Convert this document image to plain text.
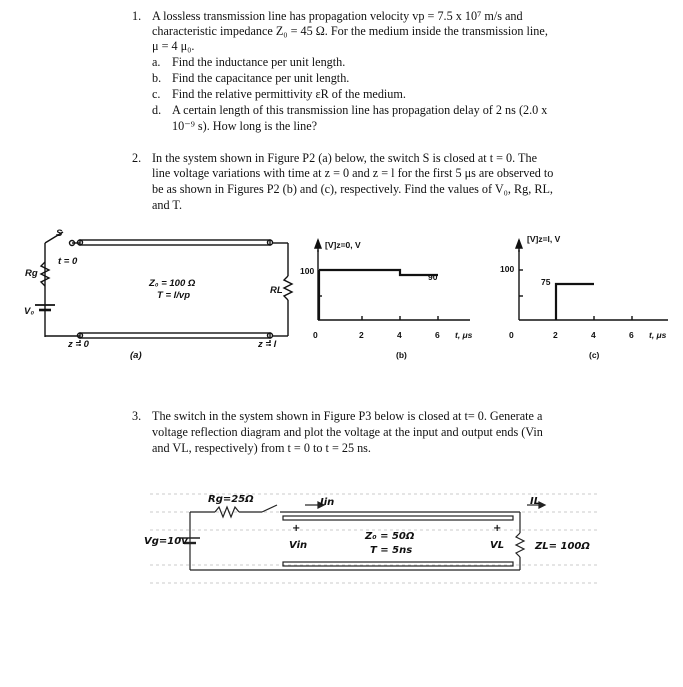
1. A lossless transmission line has propagation velocity vp = 7.5 x 10⁷ m/s and
characteristic impedance Z₀ = 45 Ω. For the medium inside the transmission line,
μ = 4 μ₀.
a. Find the inductance per unit length.
b. Find the capacitance per unit length.
c. Find the relative permittivity εR of the medium.
d. A certain length of this transmission line has propagation delay of 2 ns (2.0 x
10⁻⁹ s). How long is the line?
2. In the system shown in Figure P2 (a) below, the switch S is closed at t = 0. The
line voltage variations with time at z = 0 and z = l for the first 5 μs are observed to
be as shown in Figures P2 (b) and (c), respectively. Find the values of V₀, Rg, RL,
and T.
S
t = 0
Rg
V₀
Z₀ = 100 Ω
T = l/vp	RL
z = 0	z = l
(a)
[V]z=0, V
100
90
0	2	4	6 t, μs
(b)
[V]z=l, V
100
75
0	2	4	6 t, μs
(c)
3. The switch in the system shown in Figure P3 below is closed at t= 0. Generate a
voltage reflection diagram and plot the voltage at the input and output ends (Vin
and VL, respectively) from t = 0 to t = 25 ns.
Rg=25Ω	Iin
Vg=10v	Vin
Z₀ = 50Ω
T = 5ns	VL
IL
ZL= 100Ω
+	+
